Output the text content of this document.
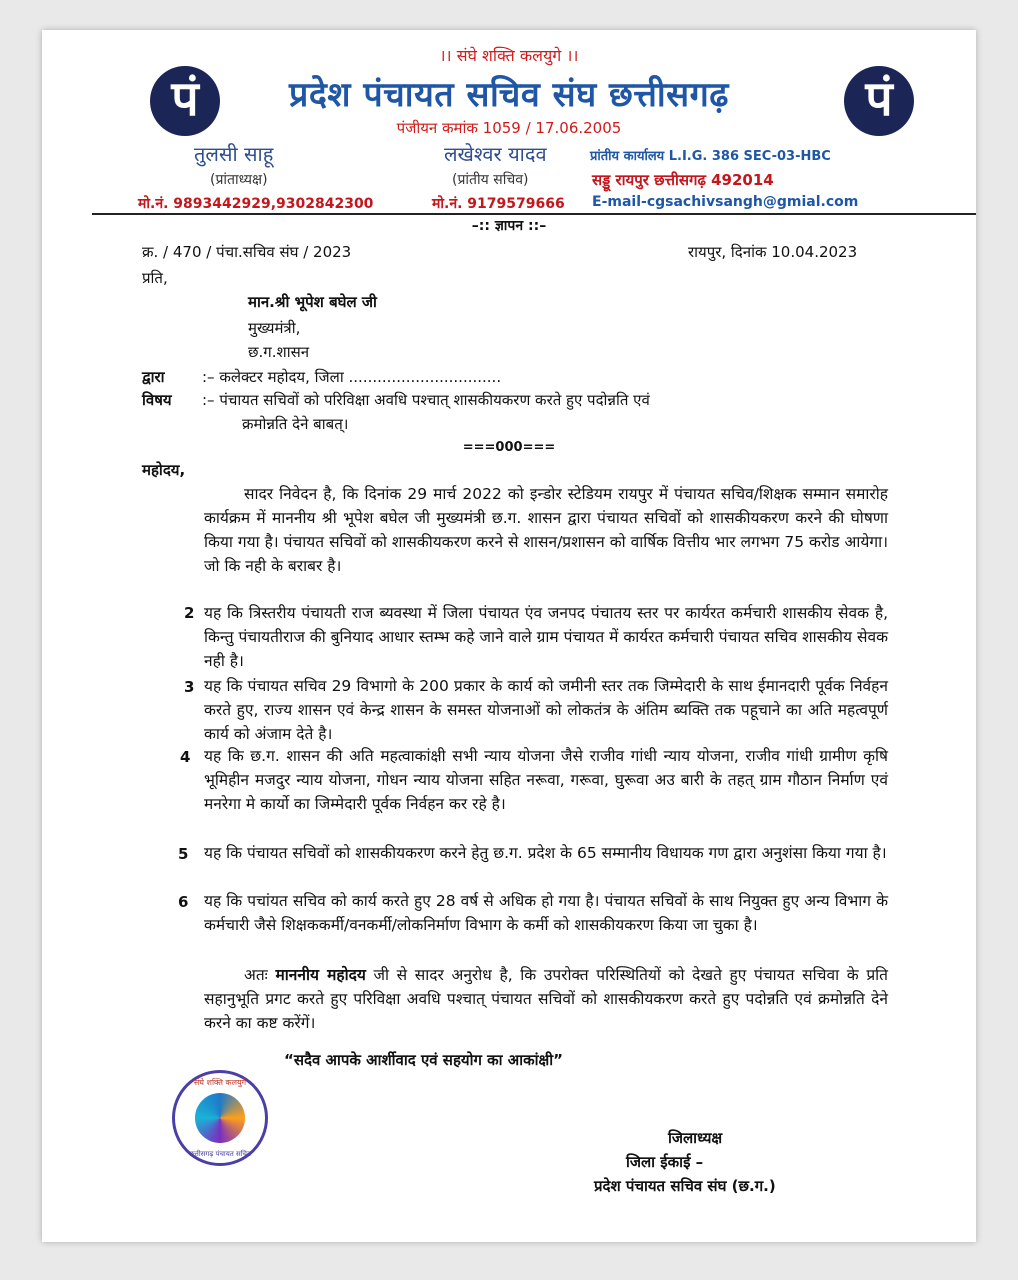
पं	पं
।। संघे शक्ति कलयुगे ।।
प्रदेश पंचायत सचिव संघ छत्तीसगढ़
पंजीयन कमांक 1059 / 17.06.2005
तुलसी साहू
(प्रांताध्यक्ष)
मो.नं. 9893442929,9302842300
लखेश्वर यादव
(प्रांतीय सचिव)
मो.नं. 9179579666
प्रांतीय कार्यालय L.I.G. 386 SEC-03-HBC
सड्डू रायपुर छत्तीसगढ़ 492014
E-mail-cgsachivsangh@gmial.com
–:: ज्ञापन ::–
क्र. / 470 / पंचा.सचिव संघ / 2023	रायपुर, दिनांक 10.04.2023
प्रति,
मान.श्री भूपेश बघेल जी
मुख्यमंत्री,
छ.ग.शासन
द्वारा :– कलेक्टर महोदय, जिला ................................
विषय :– पंचायत सचिवों को परिविक्षा अवधि पश्चात् शासकीयकरण करते हुए पदोन्नति एवं
क्रमोन्नति देने बाबत्।
===000===
महोदय,

सादर निवेदन है, कि दिनांक 29 मार्च 2022 को इन्डोर स्टेडियम रायपुर में पंचायत सचिव/शिक्षक सम्मान समारोह कार्यक्रम में माननीय श्री भूपेश बघेल जी मुख्यमंत्री छ.ग. शासन द्वारा पंचायत सचिवों को शासकीयकरण करने की घोषणा किया गया है। पंचायत सचिवों को शासकीयकरण करने से शासन/प्रशासन को वार्षिक वित्तीय भार लगभग 75 करोड आयेगा। जो कि नही के बराबर है।

2 यह कि त्रिस्तरीय पंचायती राज ब्यवस्था में जिला पंचायत एंव जनपद पंचातय स्तर पर कार्यरत कर्मचारी शासकीय सेवक है, किन्तु पंचायतीराज की बुनियाद आधार स्तम्भ कहे जाने वाले ग्राम पंचायत में कार्यरत कर्मचारी पंचायत सचिव शासकीय सेवक नही है।

3 यह कि पंचायत सचिव 29 विभागो के 200 प्रकार के कार्य को जमीनी स्तर तक जिम्मेदारी के साथ ईमानदारी पूर्वक निर्वहन करते हुए, राज्य शासन एवं केन्द्र शासन के समस्त योजनाओं को लोकतंत्र के अंतिम ब्यक्ति तक पहूचाने का अति महत्वपूर्ण कार्य को अंजाम देते है।

4 यह कि छ.ग. शासन की अति महत्वाकांक्षी सभी न्याय योजना जैसे राजीव गांधी न्याय योजना, राजीव गांधी ग्रामीण कृषि भूमिहीन मजदुर न्याय योजना, गोधन न्याय योजना सहित नरूवा, गरूवा, घुरूवा अउ बारी के तहत् ग्राम गौठान निर्माण एवं मनरेगा मे कार्यो का जिम्मेदारी पूर्वक निर्वहन कर रहे है।

5 यह कि पंचायत सचिवों को शासकीयकरण करने हेतु छ.ग. प्रदेश के 65 सम्मानीय विधायक गण द्वारा अनुशंसा किया गया है।

6 यह कि पचांयत सचिव को कार्य करते हुए 28 वर्ष से अधिक हो गया है। पंचायत सचिवों के साथ नियुक्त हुए अन्य विभाग के कर्मचारी जैसे शिक्षककर्मी/वनकर्मी/लोकनिर्माण विभाग के कर्मी को शासकीयकरण किया जा चुका है।

अतः माननीय महोदय जी से सादर अनुरोध है, कि उपरोक्त परिस्थितियों को देखते हुए पंचायत सचिवा के प्रति सहानुभूति प्रगट करते हुए परिविक्षा अवधि पश्चात् पंचायत सचिवों को शासकीयकरण करते हुए पदोन्नति एवं क्रमोन्नति देने करने का कष्ट करेंगें।

“सदैव आपके आर्शीवाद एवं सहयोग का आकांक्षी”
संघे शक्ति कलयुगे
छत्तीसगढ़ पंचायत सचिव
जिलाध्यक्ष
जिला ईकाई –
प्रदेश पंचायत सचिव संघ (छ.ग.)
